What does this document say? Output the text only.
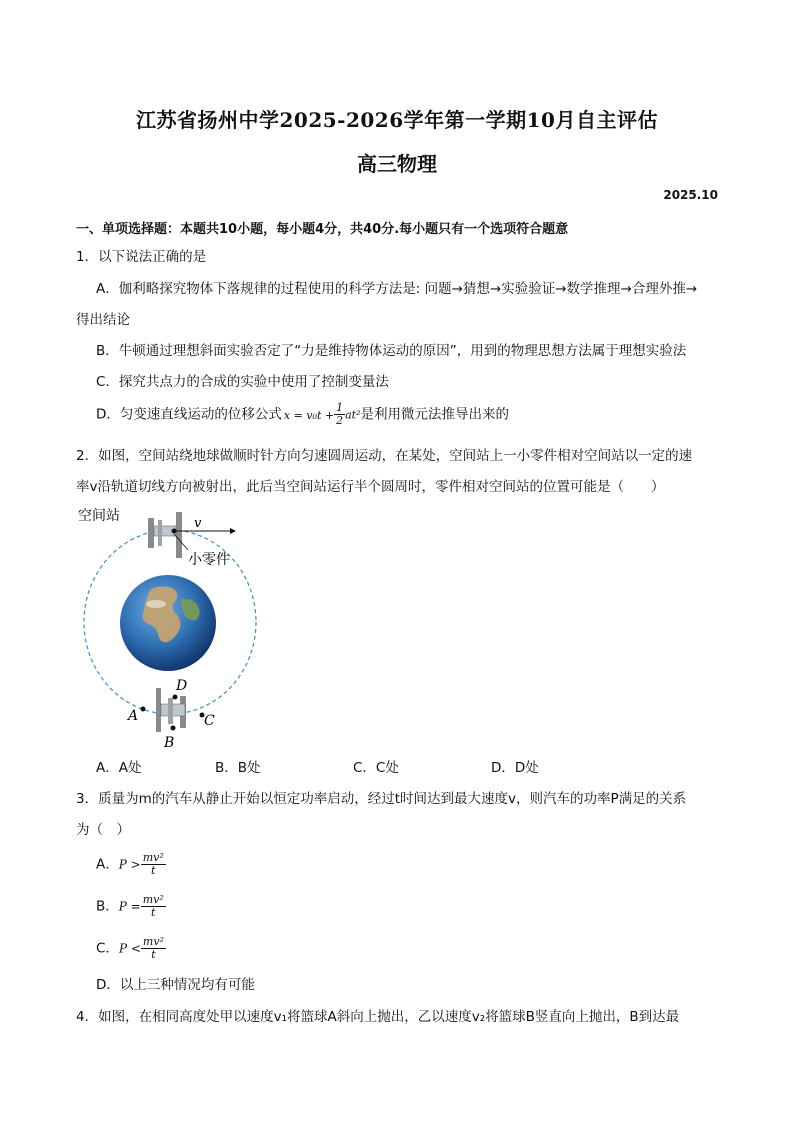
江苏省扬州中学2025-2026学年第一学期10月自主评估
高三物理
2025.10
一、单项选择题：本题共10小题，每小题4分，共40分.每小题只有一个选项符合题意
1．以下说法正确的是
A．伽利略探究物体下落规律的过程使用的科学方法是: 问题→猜想→实验验证→数学推理→合理外推→
得出结论
B．牛顿通过理想斜面实验否定了“力是维持物体运动的原因”，用到的物理思想方法属于理想实验法
C．探究共点力的合成的实验中使用了控制变量法
D．匀变速直线运动的位移公式 $x = v_0t + \frac{1}{2} at^2$是利用微元法推导出来的
2．如图，空间站绕地球做顺时针方向匀速圆周运动，在某处，空间站上一小零件相对空间站以一定的速
率v沿轨道切线方向被射出，此后当空间站运行半个圆周时，零件相对空间站的位置可能是（　　）
v
空间站
小零件
A
B
C
D
A．A处	B．B处	C．C处	D．D处
3．质量为m的汽车从静止开始以恒定功率启动，经过t时间达到最大速度v，则汽车的功率P满足的关系
为（　）
A．$P > \frac{\text{mv²}}{t}$
B．$P = \frac{\text{mv²}}{t}$
C．$P < \frac{\text{mv²}}{t}$
D．以上三种情况均有可能
4．如图，在相同高度处甲以速度v₁将篮球A斜向上抛出，乙以速度v₂将篮球B竖直向上抛出，B到达最
